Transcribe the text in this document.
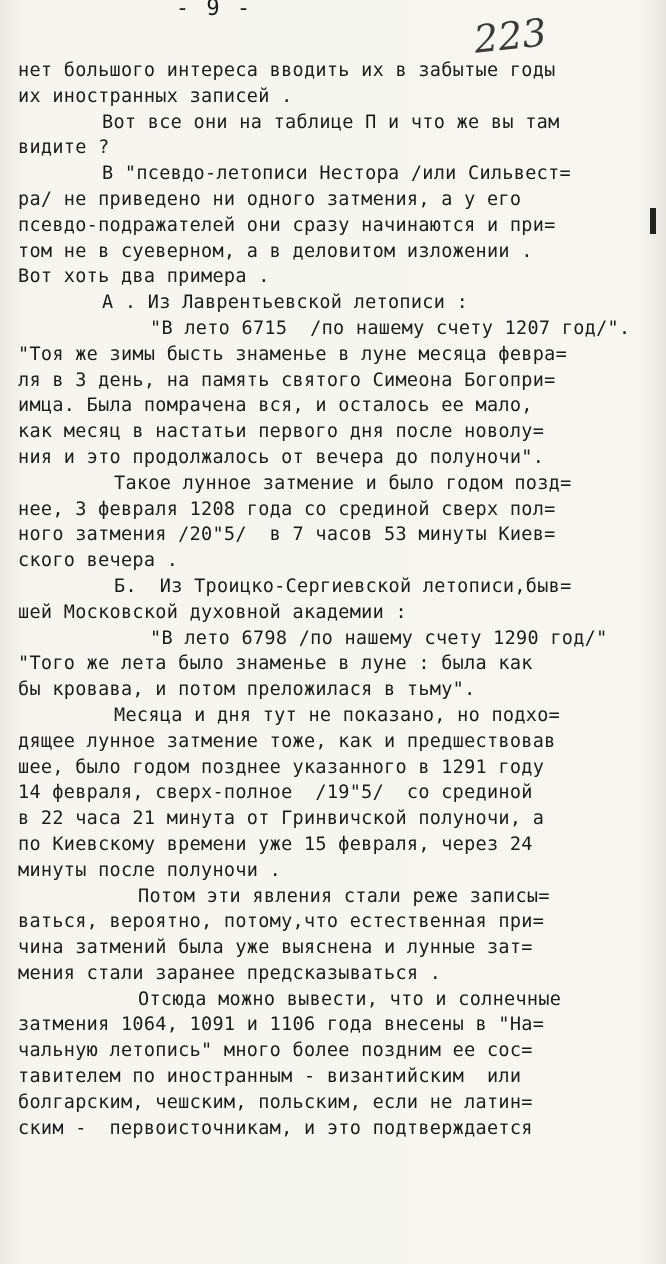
- 9 -
223
нет большого интереса вводить их в забытые годы
их иностранных записей .
Вот все они на таблице П и что же вы там
видите ?
В "псевдо-летописи Нестора /или Сильвест=
ра/ не приведено ни одного затмения, а у его
псевдо-подражателей они сразу начинаются и при=
том не в суеверном, а в деловитом изложении .
Вот хоть два примера .
А . Из Лаврентьевской летописи :
"В лето 6715  /по нашему счету 1207 год/".
"Тоя же зимы бысть знаменье в луне месяца февра=
ля в 3 день, на память святого Симеона Богопри=
имца. Была помрачена вся, и осталось ее мало,
как месяц в настатьи первого дня после новолу=
ния и это продолжалось от вечера до полуночи".
Такое лунное затмение и было годом позд=
нее, 3 февраля 1208 года со срединой сверх пол=
ного затмения /20"5/  в 7 часов 53 минуты Киев=
ского вечера .
Б.  Из Троицко-Сергиевской летописи,быв=
шей Московской духовной академии :
"В лето 6798 /по нашему счету 1290 год/"
"Того же лета было знаменье в луне : была как
бы кровава, и потом преложилася в тьму".
Месяца и дня тут не показано, но подхо=
дящее лунное затмение тоже, как и предшествовав
шее, было годом позднее указанного в 1291 году
14 февраля, сверх-полное  /19"5/  со срединой
в 22 часа 21 минута от Гринвичской полуночи, а
по Киевскому времени уже 15 февраля, через 24
минуты после полуночи .
Потом эти явления стали реже записы=
ваться, вероятно, потому,что естественная при=
чина затмений была уже выяснена и лунные зат=
мения стали заранее предсказываться .
Отсюда можно вывести, что и солнечные
затмения 1064, 1091 и 1106 года внесены в "На=
чальную летопись" много более поздним ее сос=
тавителем по иностранным - византийским  или
болгарским, чешским, польским, если не латин=
ским -  первоисточникам, и это подтверждается
